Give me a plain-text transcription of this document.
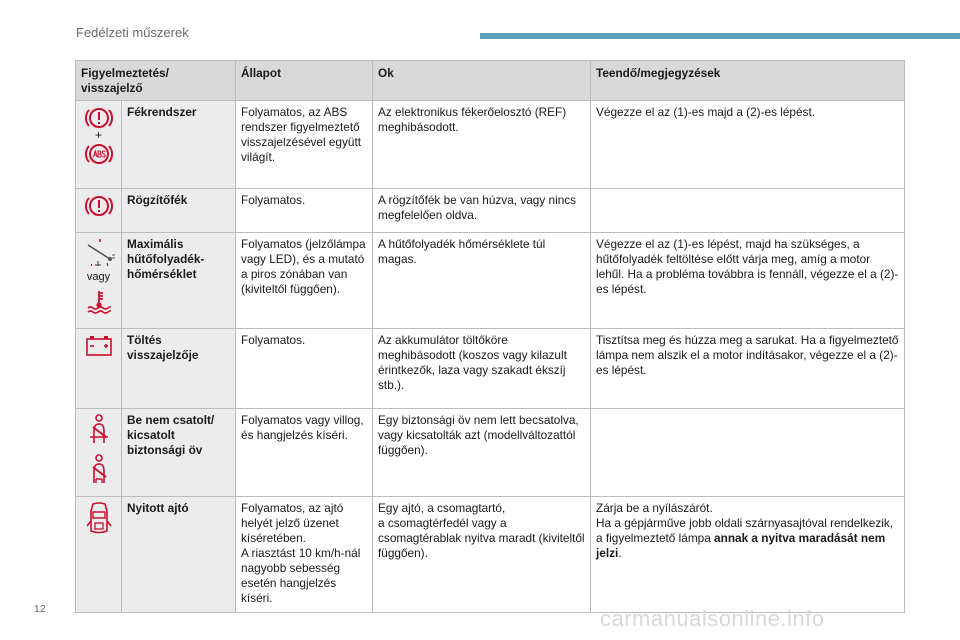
Fedélzeti műszerek
Figyelmeztetés/
visszajelző		Állapot	Ok	Teendő/megjegyzések

+	Fékrendszer	Folyamatos, az ABS rendszer figyelmeztető visszajelzésével együtt világít.	Az elektronikus fékerőelosztó (REF) meghibásodott.	Végezze el az (1)-es majd a (2)-es lépést.

	Rögzítőfék	Folyamatos.	A rögzítőfék be van húzva, vagy nincs megfelelően oldva.	

vagy	Maximális hűtőfolyadék-hőmérséklet	Folyamatos (jelzőlámpa vagy LED), és a mutató a piros zónában van (kiviteltől függően).	A hűtőfolyadék hőmérséklete túl magas.	Végezze el az (1)-es lépést, majd ha szükséges, a hűtőfolyadék feltöltése előtt várja meg, amíg a motor lehűl. Ha a probléma továbbra is fennáll, végezze el a (2)-es lépést.

	Töltés visszajelzője	Folyamatos.	Az akkumulátor töltőköre meghibásodott (koszos vagy kilazult érintkezők, laza vagy szakadt ékszíj stb.).	Tisztítsa meg és húzza meg a sarukat. Ha a figyelmeztető lámpa nem alszik el a motor indításakor, végezze el a (2)-es lépést.

	Be nem csatolt/ kicsatolt biztonsági öv	Folyamatos vagy villog, és hangjelzés kíséri.	Egy biztonsági öv nem lett becsatolva, vagy kicsatolták azt (modellváltozattól függően).	

	Nyitott ajtó	Folyamatos, az ajtó helyét jelző üzenet kíséretében.
A riasztást 10 km/h-nál nagyobb sebesség esetén hangjelzés kíséri.	Egy ajtó, a csomagtartó,
a csomagtérfedél vagy a csomagtérablak nyitva maradt (kiviteltől függően).	Zárja be a nyílászárót.
Ha a gépjárműve jobb oldali szárnyasajtóval rendelkezik, a figyelmeztető lámpa annak a nyitva maradását nem jelzi.
12	carmanualsonline.info
